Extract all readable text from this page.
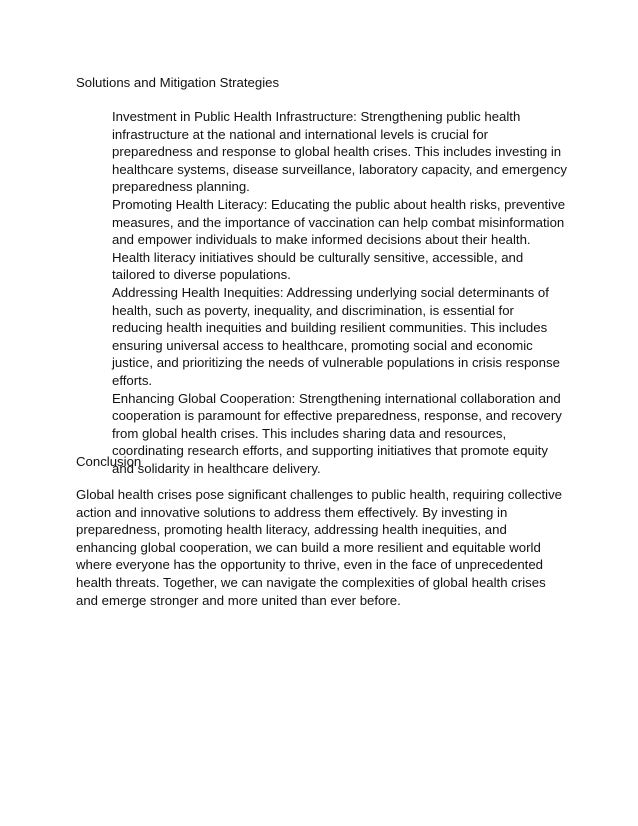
Solutions and Mitigation Strategies
Investment in Public Health Infrastructure: Strengthening public health infrastructure at the national and international levels is crucial for preparedness and response to global health crises. This includes investing in healthcare systems, disease surveillance, laboratory capacity, and emergency preparedness planning.
Promoting Health Literacy: Educating the public about health risks, preventive measures, and the importance of vaccination can help combat misinformation and empower individuals to make informed decisions about their health. Health literacy initiatives should be culturally sensitive, accessible, and tailored to diverse populations.
Addressing Health Inequities: Addressing underlying social determinants of health, such as poverty, inequality, and discrimination, is essential for reducing health inequities and building resilient communities. This includes ensuring universal access to healthcare, promoting social and economic justice, and prioritizing the needs of vulnerable populations in crisis response efforts.
Enhancing Global Cooperation: Strengthening international collaboration and cooperation is paramount for effective preparedness, response, and recovery from global health crises. This includes sharing data and resources, coordinating research efforts, and supporting initiatives that promote equity and solidarity in healthcare delivery.
Conclusion

Global health crises pose significant challenges to public health, requiring collective action and innovative solutions to address them effectively. By investing in preparedness, promoting health literacy, addressing health inequities, and enhancing global cooperation, we can build a more resilient and equitable world where everyone has the opportunity to thrive, even in the face of unprecedented health threats. Together, we can navigate the complexities of global health crises and emerge stronger and more united than ever before.
